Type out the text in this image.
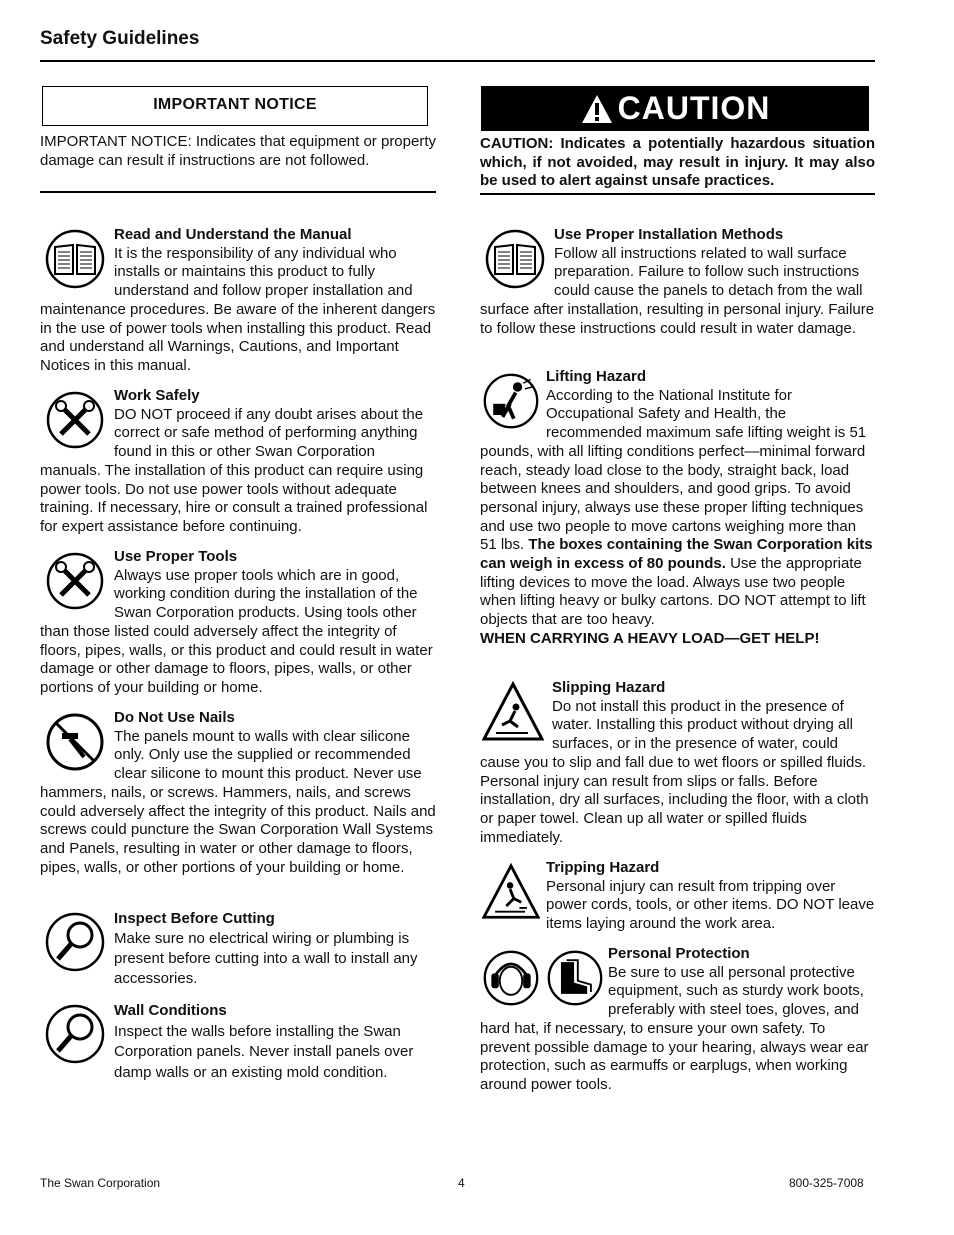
Safety Guidelines
IMPORTANT NOTICE
IMPORTANT NOTICE: Indicates that equipment or property damage can result if instructions are not followed.
CAUTION
CAUTION: Indicates a potentially hazardous situation which, if not avoided, may result in injury. It may also be used to alert against unsafe practices.
Read and Understand the Manual
It is the responsibility of any individual who installs or maintains this product to fully understand and follow proper installation and maintenance procedures. Be aware of the inherent dangers in the use of power tools when installing this product. Read and understand all Warnings, Cautions, and Important Notices in this manual.
Work Safely
DO NOT proceed if any doubt arises about the correct or safe method of performing anything found in this or other Swan Corporation manuals. The installation of this product can require using power tools. Do not use power tools without adequate training. If necessary, hire or consult a trained professional for expert assistance before continuing.
Use Proper Tools
Always use proper tools which are in good, working condition during the installation of the Swan Corporation products. Using tools other than those listed could adversely affect the integrity of floors, pipes, walls, or this product and could result in water damage or other damage to floors, pipes, walls, or other portions of your building or home.
Do Not Use Nails
The panels mount to walls with clear silicone only. Only use the supplied or recommended clear silicone to mount this product. Never use hammers, nails, or screws. Hammers, nails, and screws could adversely affect the integrity of this product. Nails and screws could puncture the Swan Corporation Wall Systems and Panels, resulting in water or other damage to floors, pipes, walls, or other portions of your building or home.
Inspect Before Cutting
Make sure no electrical wiring or plumbing is present before cutting into a wall to install any accessories.
Wall Conditions
Inspect the walls before installing the Swan Corporation panels. Never install panels over damp walls or an existing mold condition.
Use Proper Installation Methods
Follow all instructions related to wall surface preparation. Failure to follow such instructions could cause the panels to detach from the wall surface after installation, resulting in personal injury. Failure to follow these instructions could result in water damage.
Lifting Hazard
According to the National Institute for Occupational Safety and Health, the recommended maximum safe lifting weight is 51 pounds, with all lifting conditions perfect—minimal forward reach, steady load close to the body, straight back, load between knees and shoulders, and good grips. To avoid personal injury, always use these proper lifting techniques and use two people to move cartons weighing more than 51 lbs. The boxes containing the Swan Corporation kits can weigh in excess of 80 pounds. Use the appropriate lifting devices to move the load. Always use two people when lifting heavy or bulky cartons. DO NOT attempt to lift objects that are too heavy.
WHEN CARRYING A HEAVY LOAD—GET HELP!
Slipping Hazard
Do not install this product in the presence of water. Installing this product without drying all surfaces, or in the presence of water, could cause you to slip and fall due to wet floors or spilled fluids. Personal injury can result from slips or falls. Before installation, dry all surfaces, including the floor, with a cloth or paper towel. Clean up all water or spilled fluids immediately.
Tripping Hazard
Personal injury can result from tripping over power cords, tools, or other items. DO NOT leave items laying around the work area.
Personal Protection
Be sure to use all personal protective equipment, such as sturdy work boots, preferably with steel toes, gloves, and hard hat, if necessary, to ensure your own safety. To prevent possible damage to your hearing, always wear ear protection, such as earmuffs or earplugs, when working around power tools.
The Swan Corporation	4	800-325-7008
